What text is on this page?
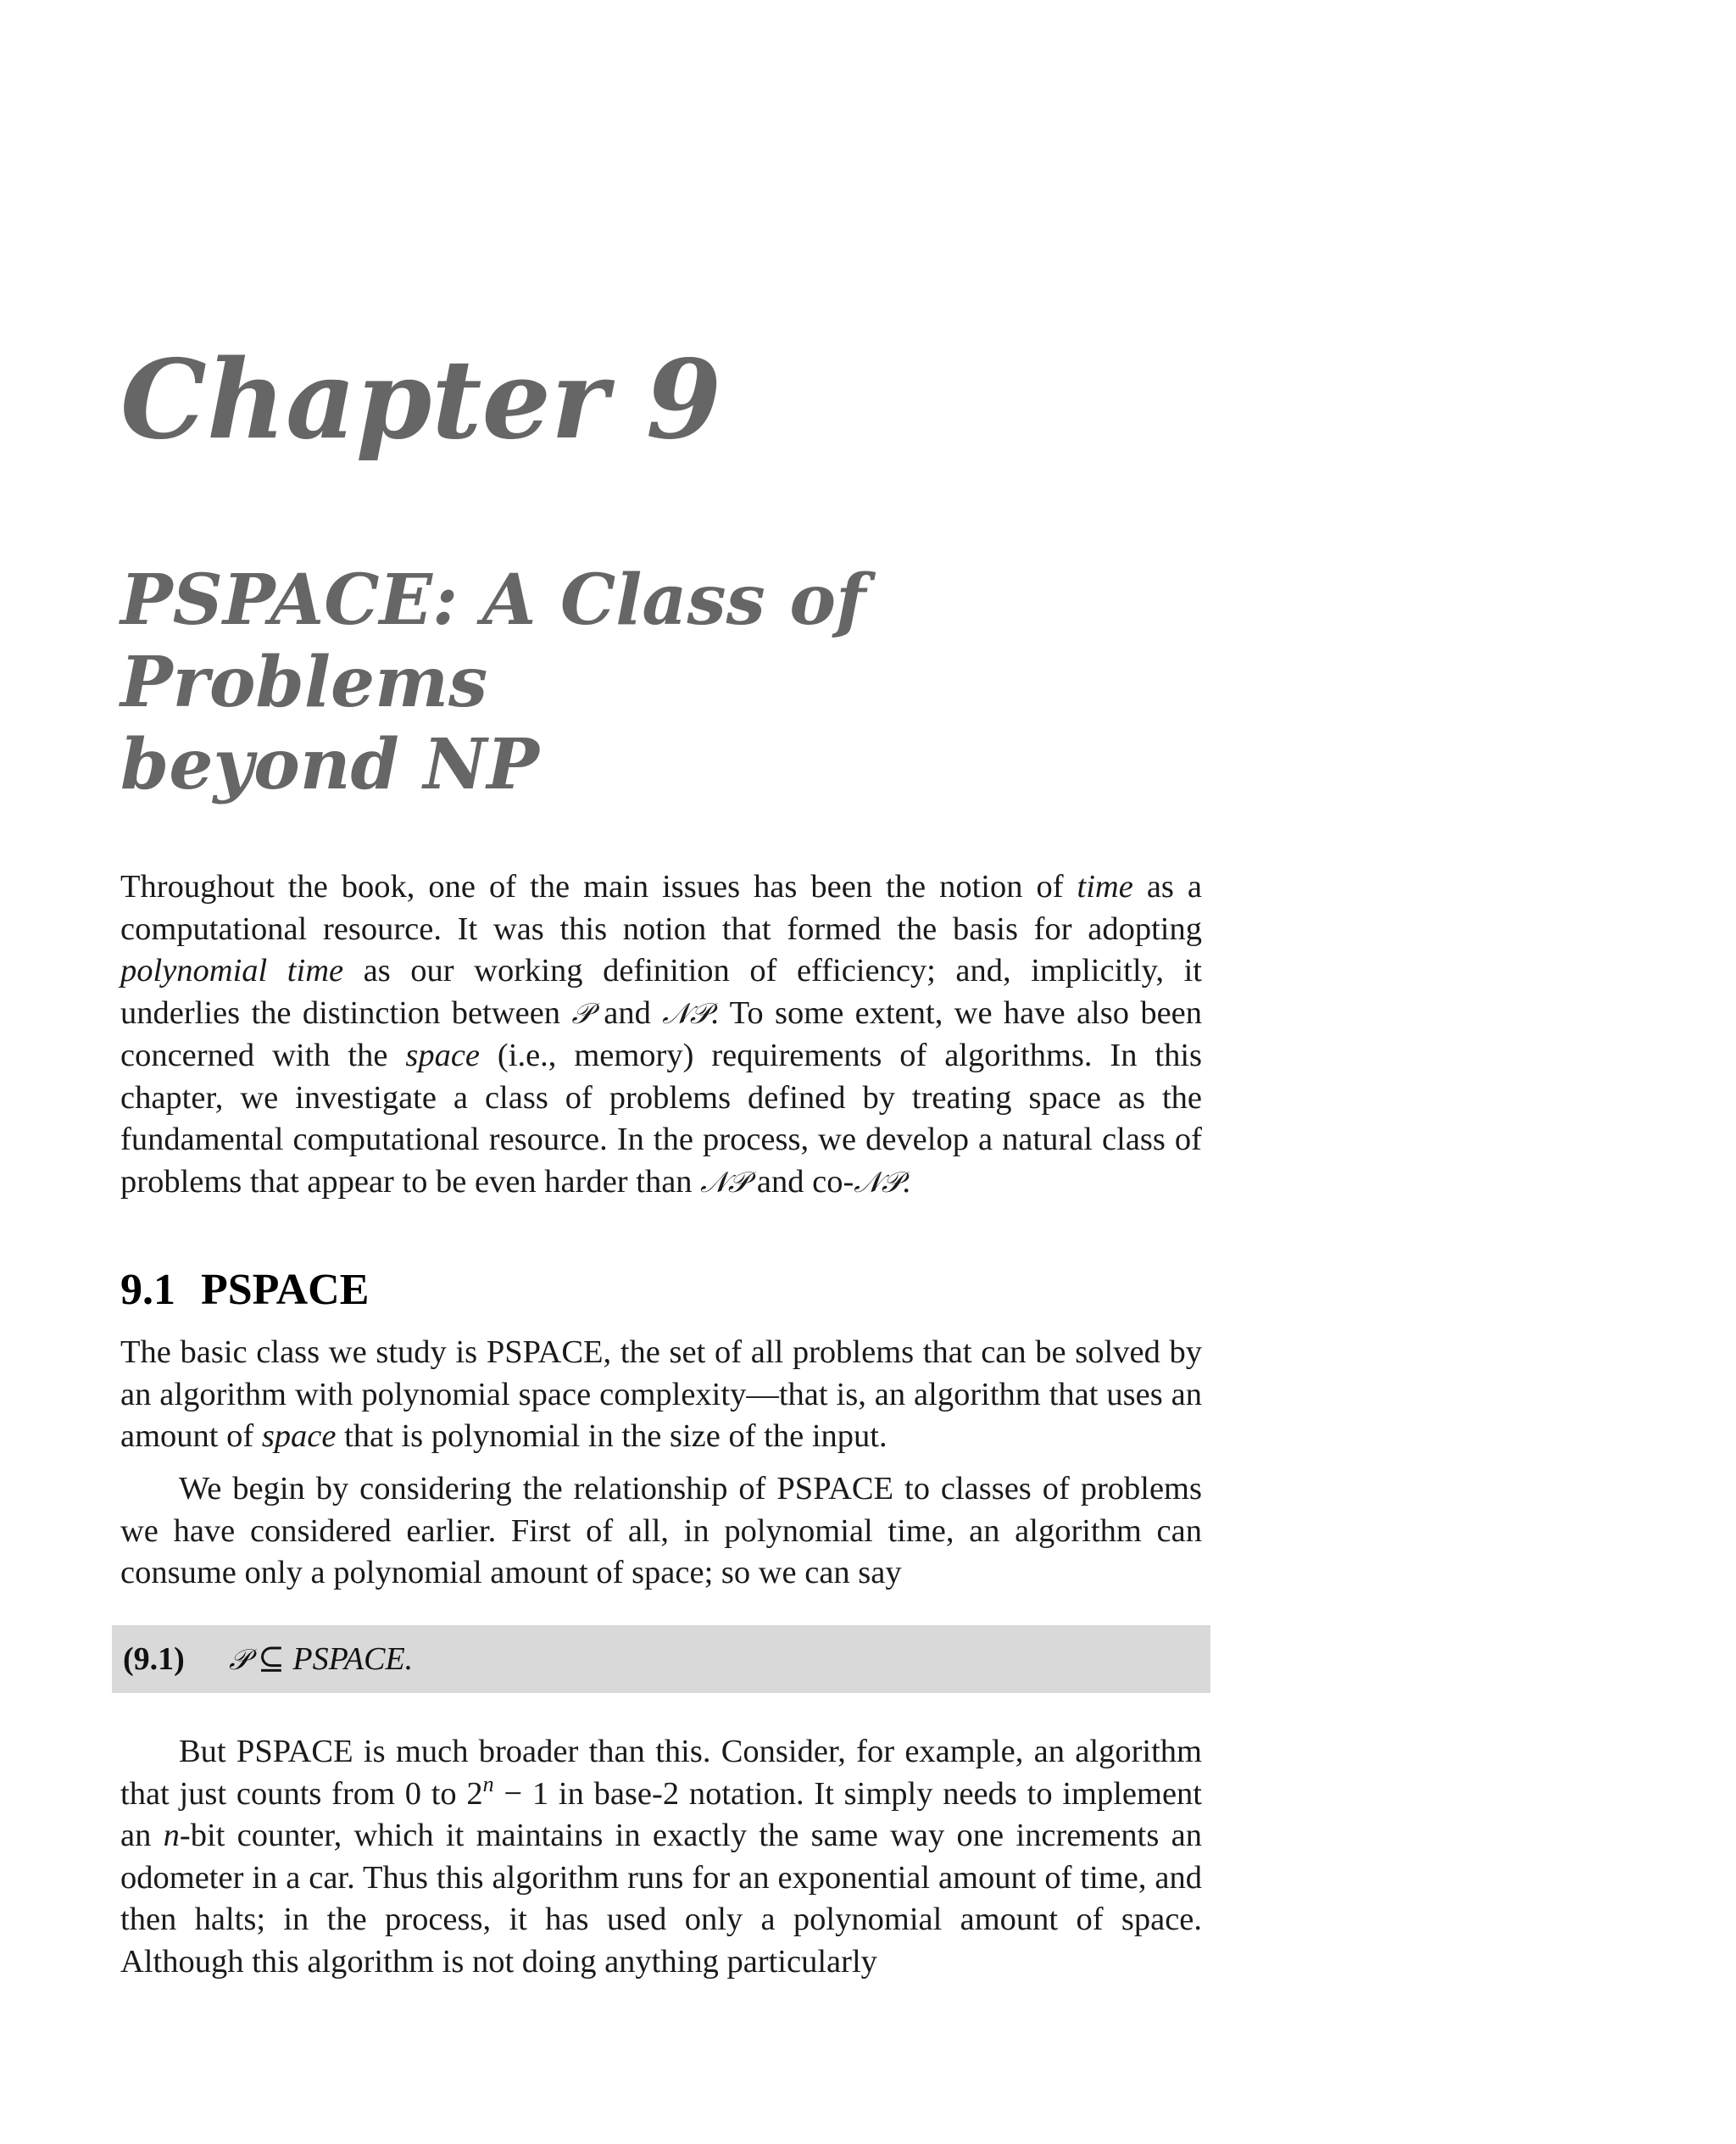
Chapter 9
PSPACE: A Class of Problems
beyond NP

Throughout the book, one of the main issues has been the notion of time as a computational resource. It was this notion that formed the basis for adopting polynomial time as our working definition of efficiency; and, implicitly, it underlies the distinction between 𝒫 and 𝒩𝒫. To some extent, we have also been concerned with the space (i.e., memory) requirements of algorithms. In this chapter, we investigate a class of problems defined by treating space as the fundamental computational resource. In the process, we develop a natural class of problems that appear to be even harder than 𝒩𝒫 and co-𝒩𝒫.

9.1 PSPACE

The basic class we study is PSPACE, the set of all problems that can be solved by an algorithm with polynomial space complexity—that is, an algorithm that uses an amount of space that is polynomial in the size of the input.

We begin by considering the relationship of PSPACE to classes of problems we have considered earlier. First of all, in polynomial time, an algorithm can consume only a polynomial amount of space; so we can say

(9.1) 𝒫 ⊆ PSPACE.

But PSPACE is much broader than this. Consider, for example, an algorithm that just counts from 0 to $2^n - 1$ in base-2 notation. It simply needs to implement an n-bit counter, which it maintains in exactly the same way one increments an odometer in a car. Thus this algorithm runs for an exponential amount of time, and then halts; in the process, it has used only a polynomial amount of space. Although this algorithm is not doing anything particularly
